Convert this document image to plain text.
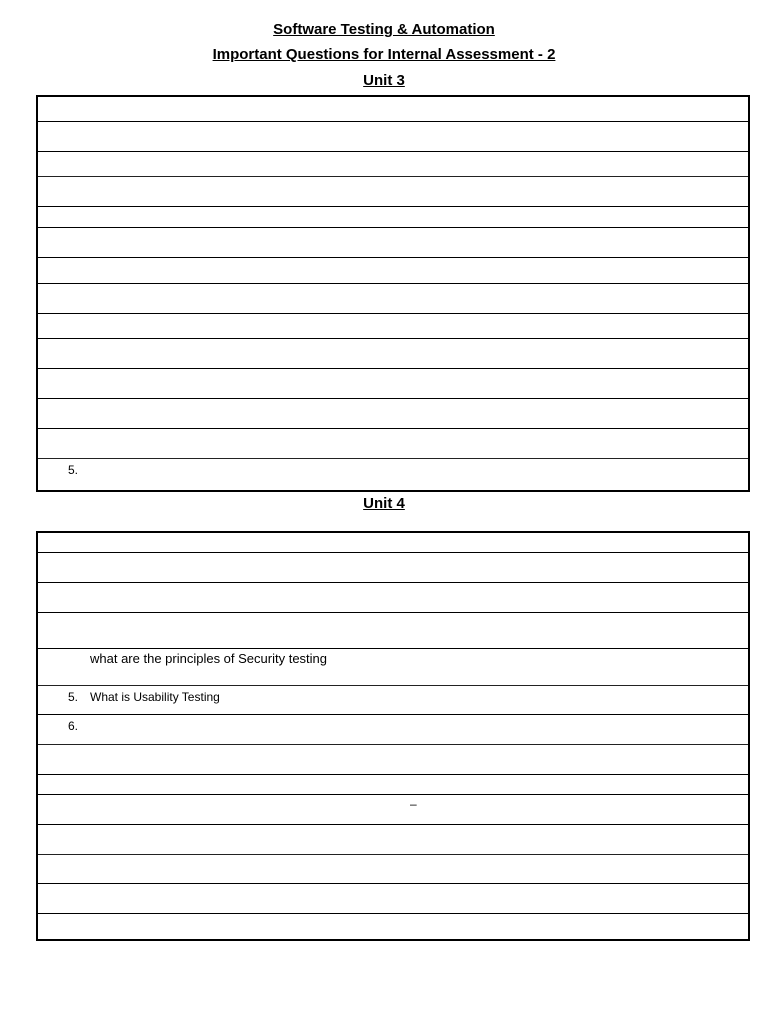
Software Testing & Automation
Important Questions for Internal Assessment - 2
Unit 3
5.
Unit 4
what are the principles of Security testing
5. What is Usability Testing
6.
–
